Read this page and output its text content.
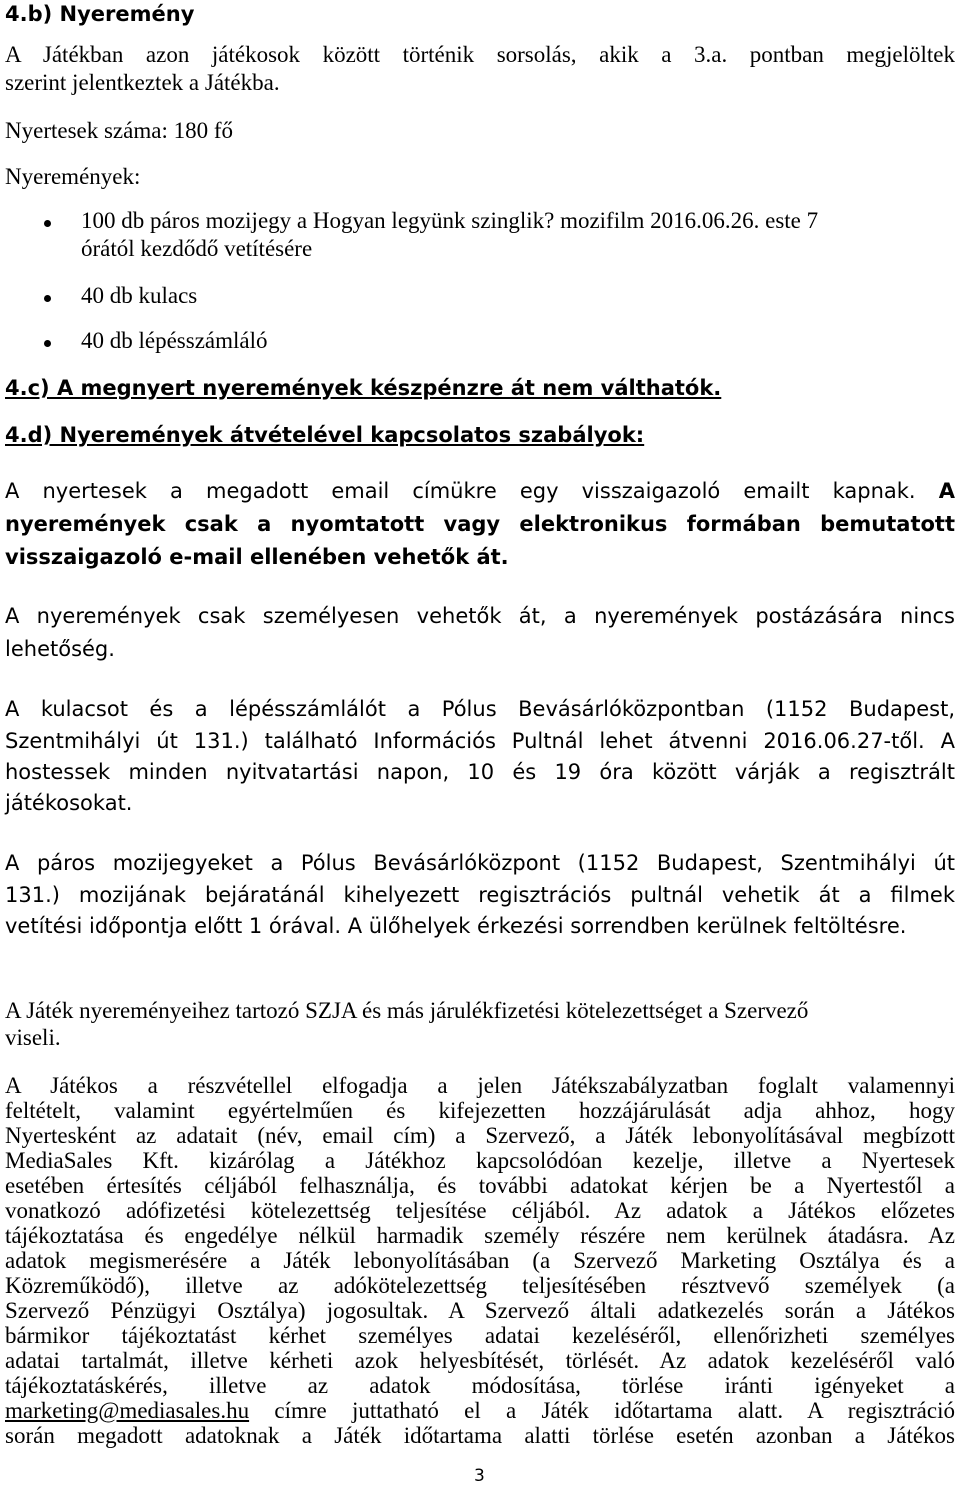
4.b) Nyeremény
A Játékban azon játékosok között történik sorsolás, akik a 3.a. pontban megjelöltek
szerint jelentkeztek a Játékba.
Nyertesek száma: 180 fő
Nyeremények:
100 db páros mozijegy a Hogyan legyünk szinglik? mozifilm 2016.06.26. este 7
órától kezdődő vetítésére
40 db kulacs
40 db lépésszámláló
4.c) A megnyert nyeremények készpénzre át nem válthatók.
4.d) Nyeremények átvételével kapcsolatos szabályok:
A nyertesek a megadott email címükre egy visszaigazoló emailt kapnak. A
nyeremények csak a nyomtatott vagy elektronikus formában bemutatott
visszaigazoló e-mail ellenében vehetők át.
A nyeremények csak személyesen vehetők át, a nyeremények postázására nincs
lehetőség.
A kulacsot és a lépésszámlálót a Pólus Bevásárlóközpontban (1152 Budapest,
Szentmihályi út 131.) található Információs Pultnál lehet átvenni 2016.06.27-től. A
hostessek minden nyitvatartási napon, 10 és 19 óra között várják a regisztrált
játékosokat.
A páros mozijegyeket a Pólus Bevásárlóközpont (1152 Budapest, Szentmihályi út
131.) mozijának bejáratánál kihelyezett regisztrációs pultnál vehetik át a filmek
vetítési időpontja előtt 1 órával. A ülőhelyek érkezési sorrendben kerülnek feltöltésre.
A Játék nyereményeihez tartozó SZJA és más járulékfizetési kötelezettséget a Szervező
viseli.
A Játékos a részvétellel elfogadja a jelen Játékszabályzatban foglalt valamennyi
feltételt, valamint egyértelműen és kifejezetten hozzájárulását adja ahhoz, hogy
Nyertesként az adatait (név, email cím) a Szervező, a Játék lebonyolításával megbízott
MediaSales Kft. kizárólag a Játékhoz kapcsolódóan kezelje, illetve a Nyertesek
esetében értesítés céljából felhasználja, és további adatokat kérjen be a Nyertestől a
vonatkozó adófizetési kötelezettség teljesítése céljából. Az adatok a Játékos előzetes
tájékoztatása és engedélye nélkül harmadik személy részére nem kerülnek átadásra. Az
adatok megismerésére a Játék lebonyolításában (a Szervező Marketing Osztálya és a
Közreműködő), illetve az adókötelezettség teljesítésében résztvevő személyek (a
Szervező Pénzügyi Osztálya) jogosultak. A Szervező általi adatkezelés során a Játékos
bármikor tájékoztatást kérhet személyes adatai kezeléséről, ellenőrizheti személyes
adatai tartalmát, illetve kérheti azok helyesbítését, törlését. Az adatok kezeléséről való
tájékoztatáskérés, illetve az adatok módosítása, törlése iránti igényeket a
marketing@mediasales.hu címre juttatható el a Játék időtartama alatt. A regisztráció
során megadott adatoknak a Játék időtartama alatti törlése esetén azonban a Játékos
3
